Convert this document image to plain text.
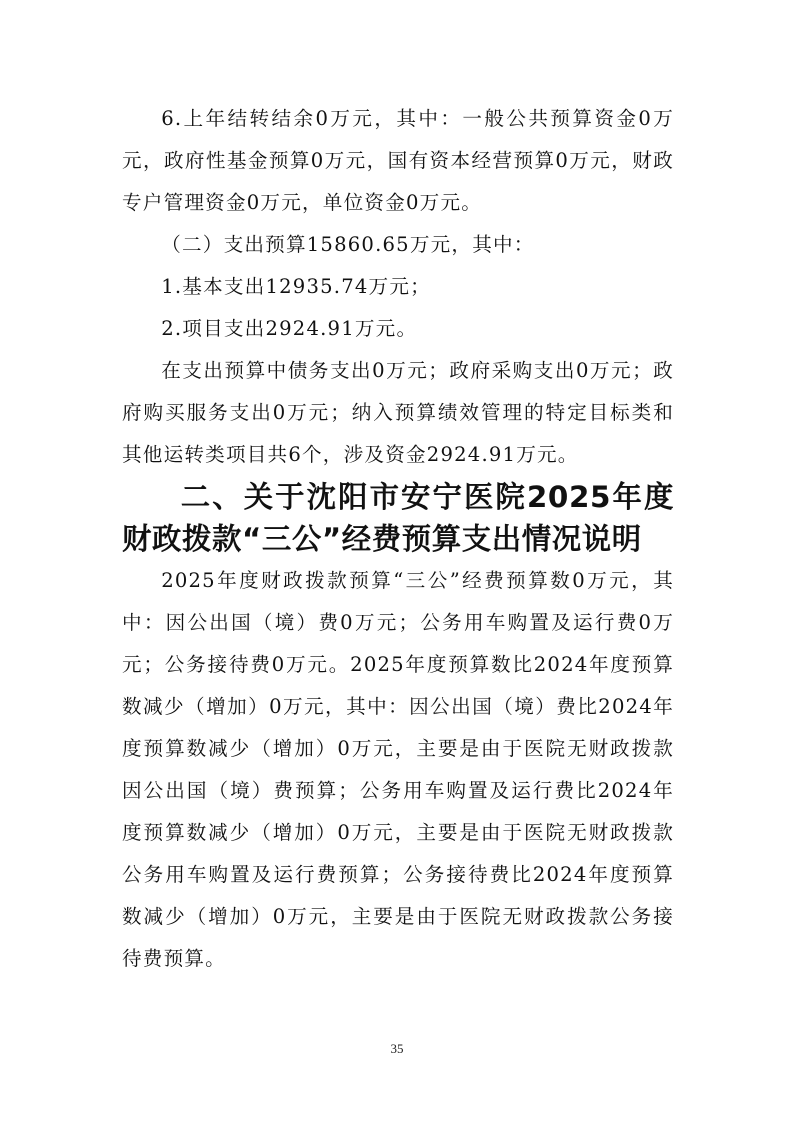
6.上年结转结余0万元，其中：一般公共预算资金0万元，政府性基金预算0万元，国有资本经营预算0万元，财政专户管理资金0万元，单位资金0万元。

（二）支出预算15860.65万元，其中：

1.基本支出12935.74万元；

2.项目支出2924.91万元。

在支出预算中债务支出0万元；政府采购支出0万元；政府购买服务支出0万元；纳入预算绩效管理的特定目标类和其他运转类项目共6个，涉及资金2924.91万元。

二、关于沈阳市安宁医院2025年度财政拨款“三公”经费预算支出情况说明

2025年度财政拨款预算“三公”经费预算数0万元，其中：因公出国（境）费0万元；公务用车购置及运行费0万元；公务接待费0万元。2025年度预算数比2024年度预算数减少（增加）0万元，其中：因公出国（境）费比2024年度预算数减少（增加）0万元，主要是由于医院无财政拨款因公出国（境）费预算；公务用车购置及运行费比2024年度预算数减少（增加）0万元，主要是由于医院无财政拨款公务用车购置及运行费预算；公务接待费比2024年度预算数减少（增加）0万元，主要是由于医院无财政拨款公务接待费预算。

35
